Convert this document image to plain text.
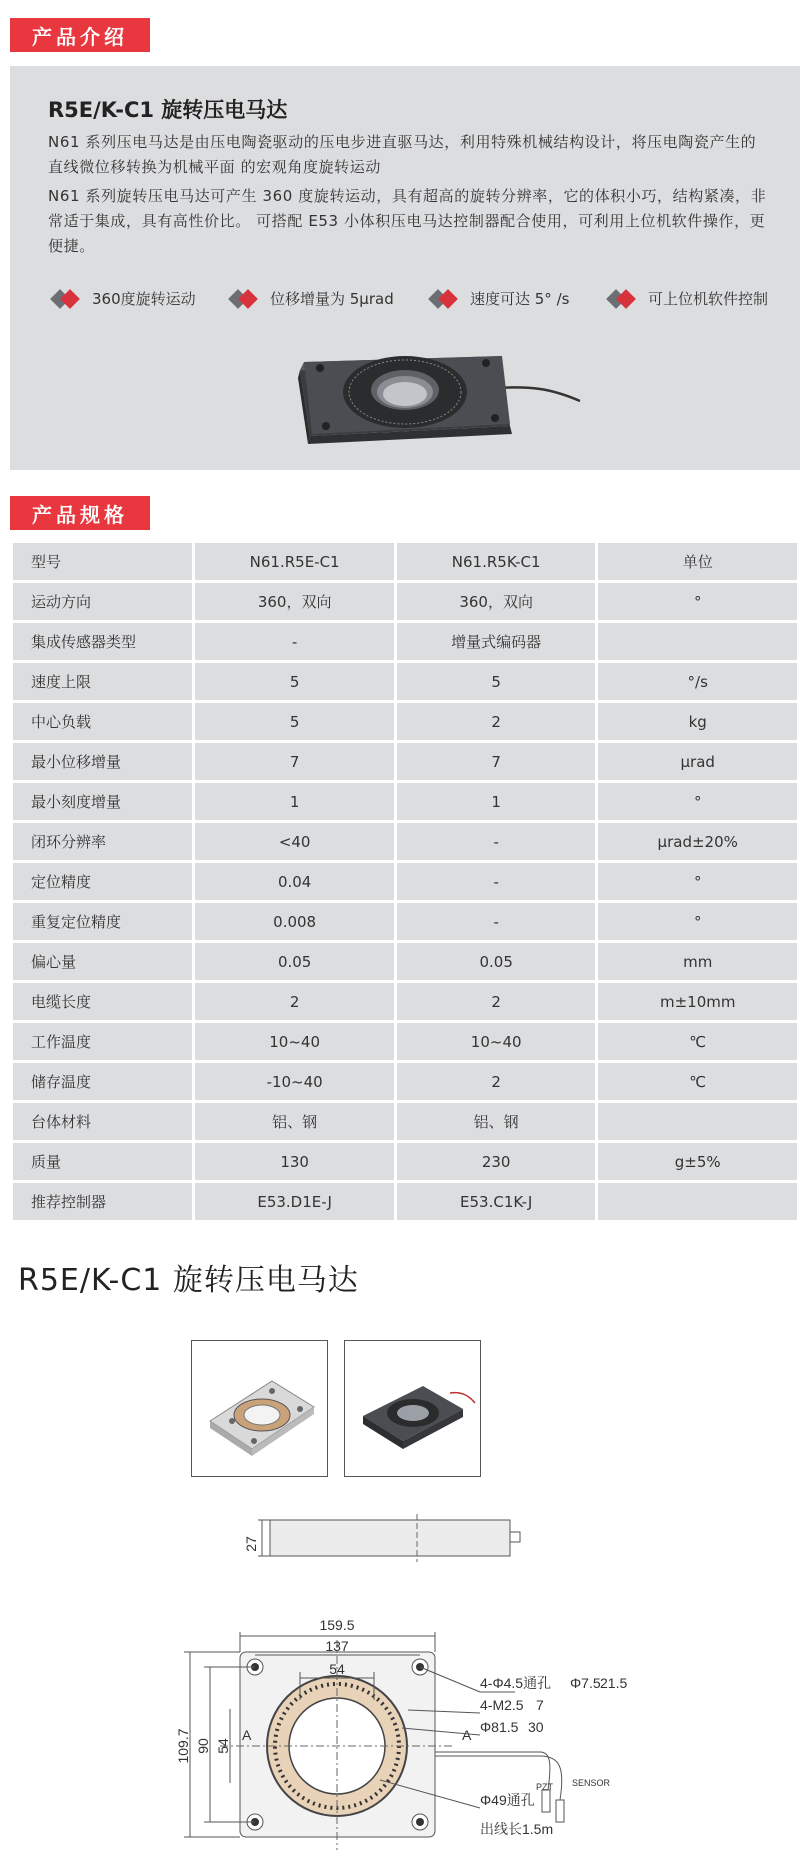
产品介绍
R5E/K-C1 旋转压电马达
N61 系列压电马达是由压电陶瓷驱动的压电步进直驱马达，利用特殊机械结构设计，将压电陶瓷产生的直线微位移转换为机械平面 的宏观角度旋转运动
N61 系列旋转压电马达可产生 360 度旋转运动，具有超高的旋转分辨率，它的体积小巧，结构紧凑，非常适于集成，具有高性价比。 可搭配 E53 小体积压电马达控制器配合使用，可利用上位机软件操作，更便捷。
360度旋转运动	位移增量为 5μrad	速度可达 5° /s	可上位机软件控制
产品规格
型号	N61.R5E-C1	N61.R5K-C1	单位
运动方向	360，双向	360，双向	°
集成传感器类型	-	增量式编码器	
速度上限	5	5	°/s
中心负载	5	2	kg
最小位移增量	7	7	μrad
最小刻度增量	1	1	°
闭环分辨率	<40	-	μrad±20%
定位精度	0.04	-	°
重复定位精度	0.008	-	°
偏心量	0.05	0.05	mm
电缆长度	2	2	m±10mm
工作温度	10~40	10~40	℃
储存温度	-10~40	2	℃
台体材料	铝、钢	铝、钢	
质量	130	230	g±5%
推荐控制器	E53.D1E-J	E53.C1K-J	
R5E/K-C1 旋转压电马达
27
159.5
137
54
109.7 90 54
A	A
4-Φ4.5通孔 Φ7.5 21.5
4-M2.5 7
Φ81.5 30
Φ49通孔
出线长1.5m
PZT SENSOR
